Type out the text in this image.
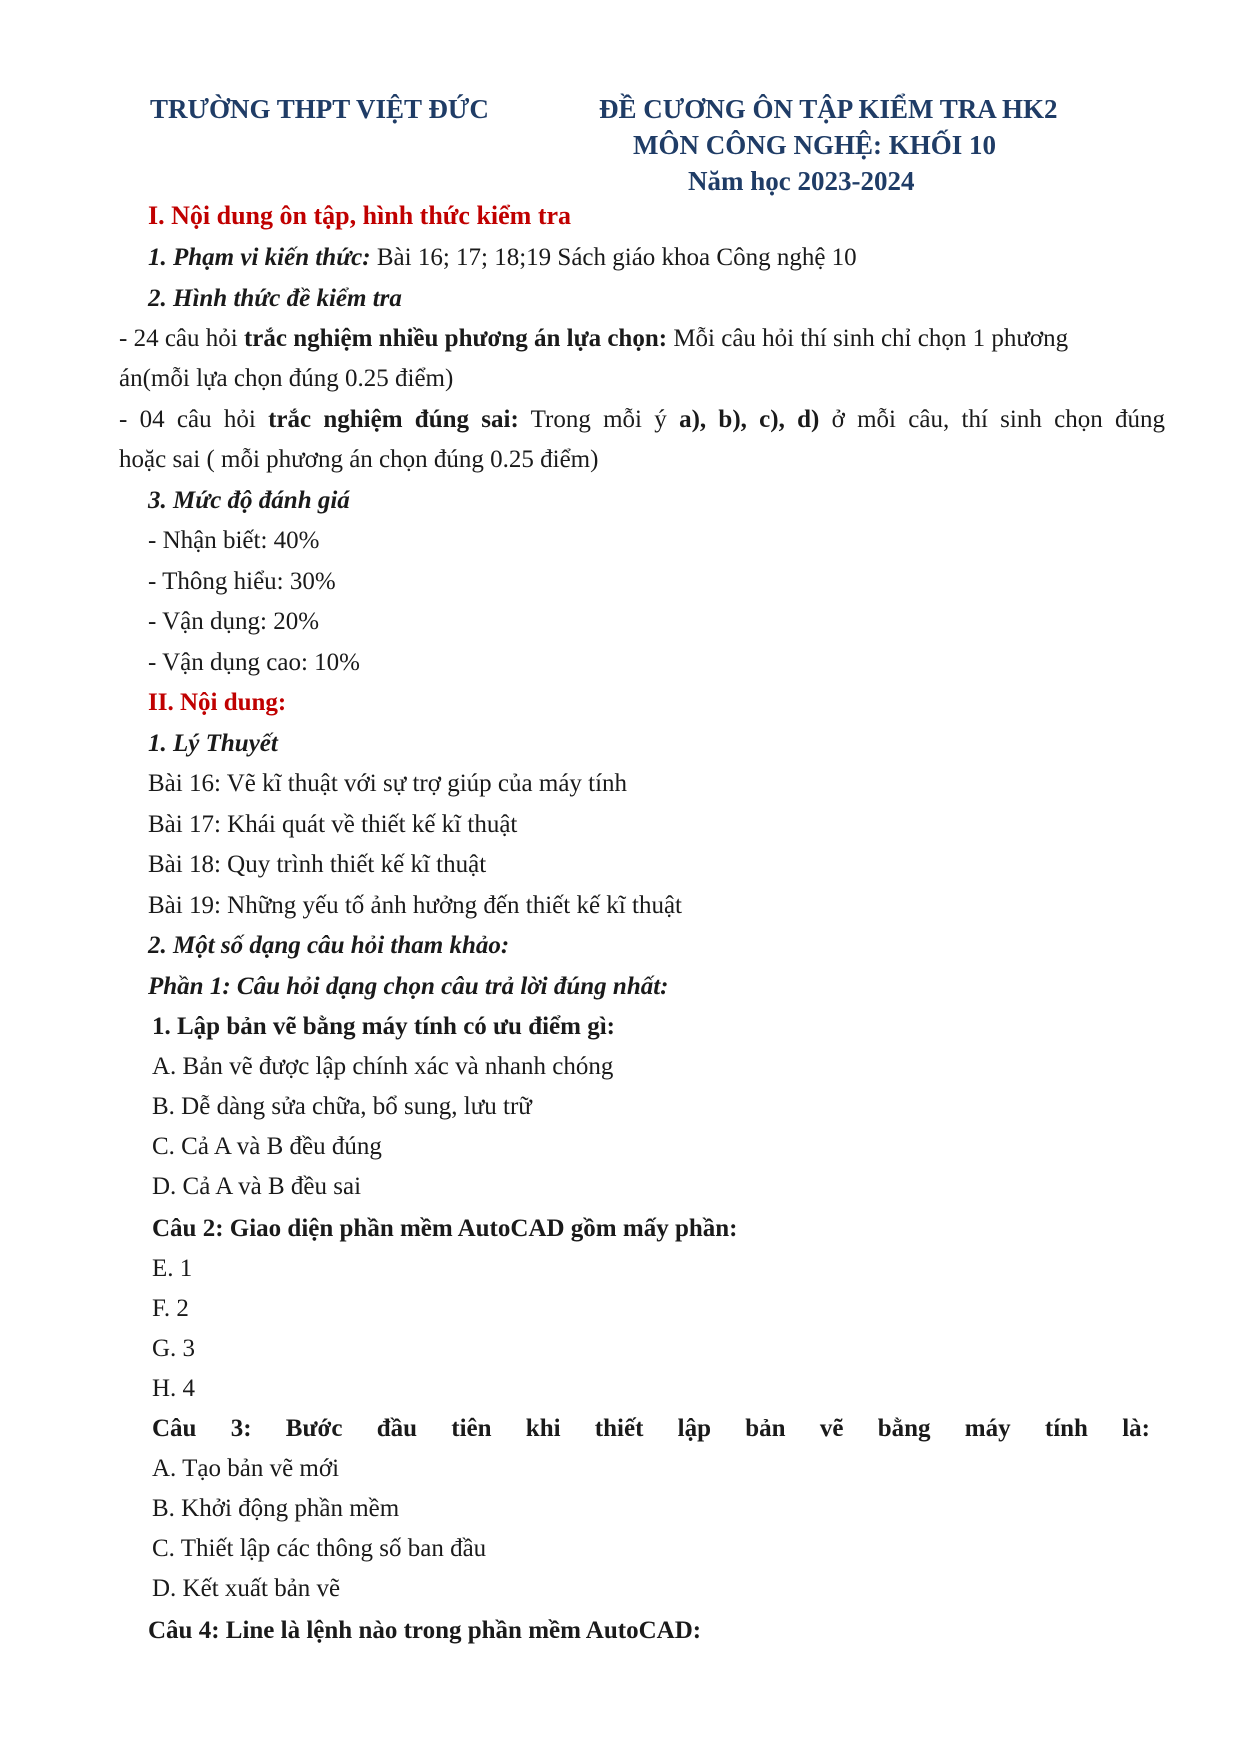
TRƯỜNG THPT VIỆT ĐỨC	ĐỀ CƯƠNG ÔN TẬP KIỂM TRA HK2
MÔN CÔNG NGHỆ: KHỐI 10
Năm học 2023-2024
I. Nội dung ôn tập, hình thức kiểm tra
1. Phạm vi kiến thức: Bài 16; 17; 18;19 Sách giáo khoa Công nghệ 10
2. Hình thức đề kiểm tra
- 24 câu hỏi trắc nghiệm nhiều phương án lựa chọn: Mỗi câu hỏi thí sinh chỉ chọn 1 phương
án(mỗi lựa chọn đúng 0.25 điểm)
- 04 câu hỏi trắc nghiệm đúng sai: Trong mỗi ý a), b), c), d) ở mỗi câu, thí sinh chọn đúng
hoặc sai ( mỗi phương án chọn đúng 0.25 điểm)
3. Mức độ đánh giá
- Nhận biết: 40%
- Thông hiểu: 30%
- Vận dụng: 20%
- Vận dụng cao: 10%
II. Nội dung:
1. Lý Thuyết
Bài 16: Vẽ kĩ thuật với sự trợ giúp của máy tính
Bài 17: Khái quát về thiết kế kĩ thuật
Bài 18: Quy trình thiết kế kĩ thuật
Bài 19: Những yếu tố ảnh hưởng đến thiết kế kĩ thuật
2. Một số dạng câu hỏi tham khảo:
Phần 1: Câu hỏi dạng chọn câu trả lời đúng nhất:
1. Lập bản vẽ bằng máy tính có ưu điểm gì:
A. Bản vẽ được lập chính xác và nhanh chóng
B. Dễ dàng sửa chữa, bổ sung, lưu trữ
C. Cả A và B đều đúng
D. Cả A và B đều sai
Câu 2: Giao diện phần mềm AutoCAD gồm mấy phần:
E. 1
F. 2
G. 3
H. 4
Câu 3: Bước đầu tiên khi thiết lập bản vẽ bằng máy tính là:
A. Tạo bản vẽ mới
B. Khởi động phần mềm
C. Thiết lập các thông số ban đầu
D. Kết xuất bản vẽ
Câu 4: Line là lệnh nào trong phần mềm AutoCAD:
